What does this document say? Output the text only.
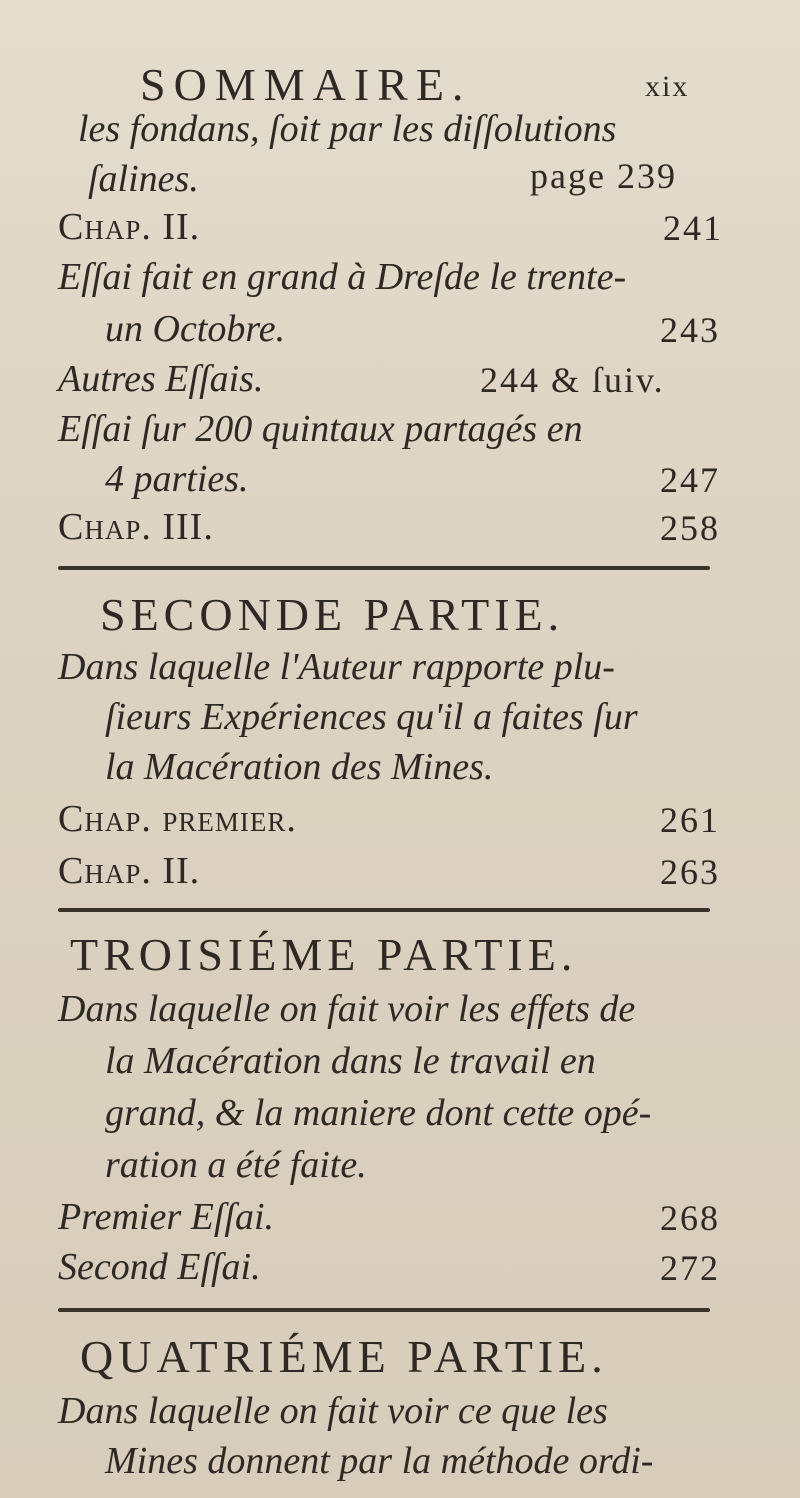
SOMMAIRE.	xix
les fondans, ſoit par les diſſolutions
ſalines.	page 239
Chap. II.	241
Eſſai fait en grand à Dreſde le trente-
un Octobre.	243
Autres Eſſais.	244 & ſuiv.
Eſſai ſur 200 quintaux partagés en
4 parties.	247
Chap. III.	258
SECONDE PARTIE.
Dans laquelle l'Auteur rapporte plu-
ſieurs Expériences qu'il a faites ſur
la Macération des Mines.
Chap. premier.	261
Chap. II.	263
TROISIÉME PARTIE.
Dans laquelle on fait voir les effets de
la Macération dans le travail en
grand, & la maniere dont cette opé-
ration a été faite.
Premier Eſſai.	268
Second Eſſai.	272
QUATRIÉME PARTIE.
Dans laquelle on fait voir ce que les
Mines donnent par la méthode ordi-
